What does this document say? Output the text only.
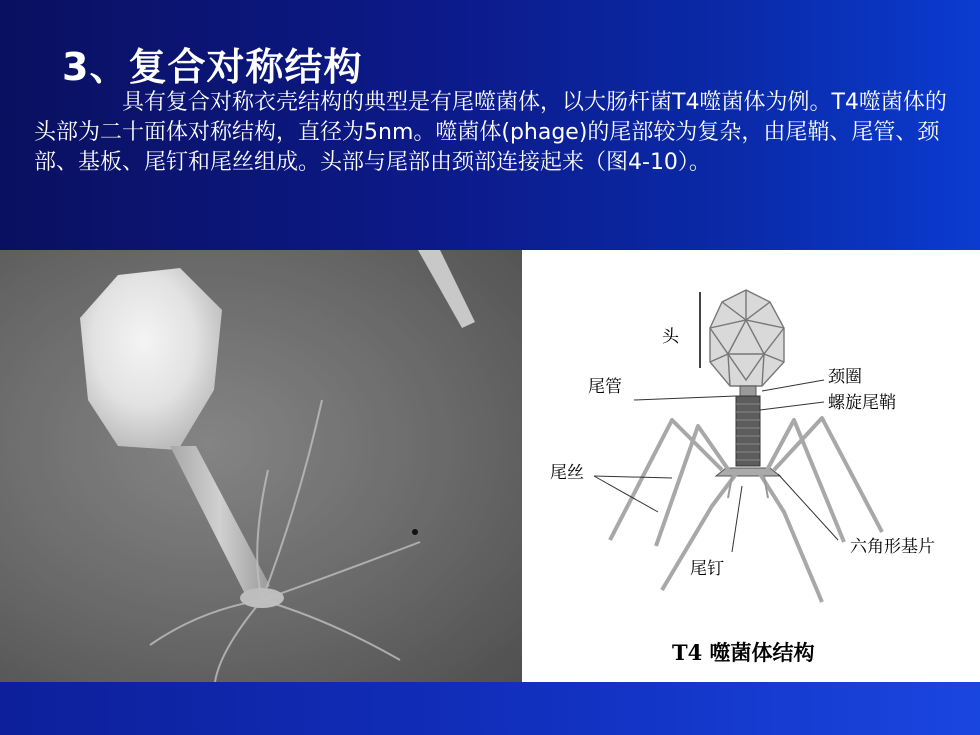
3、复合对称结构

具有复合对称衣壳结构的典型是有尾噬菌体，以大肠杆菌T4噬菌体为例。T4噬菌体的头部为二十面体对称结构，直径为5nm。噬菌体(phage)的尾部较为复杂，由尾鞘、尾管、颈部、基板、尾钉和尾丝组成。头部与尾部由颈部连接起来（图4-10）。

头
尾管	颈圈
螺旋尾鞘
尾丝
六角形基片
尾钉
T4 噬菌体结构
